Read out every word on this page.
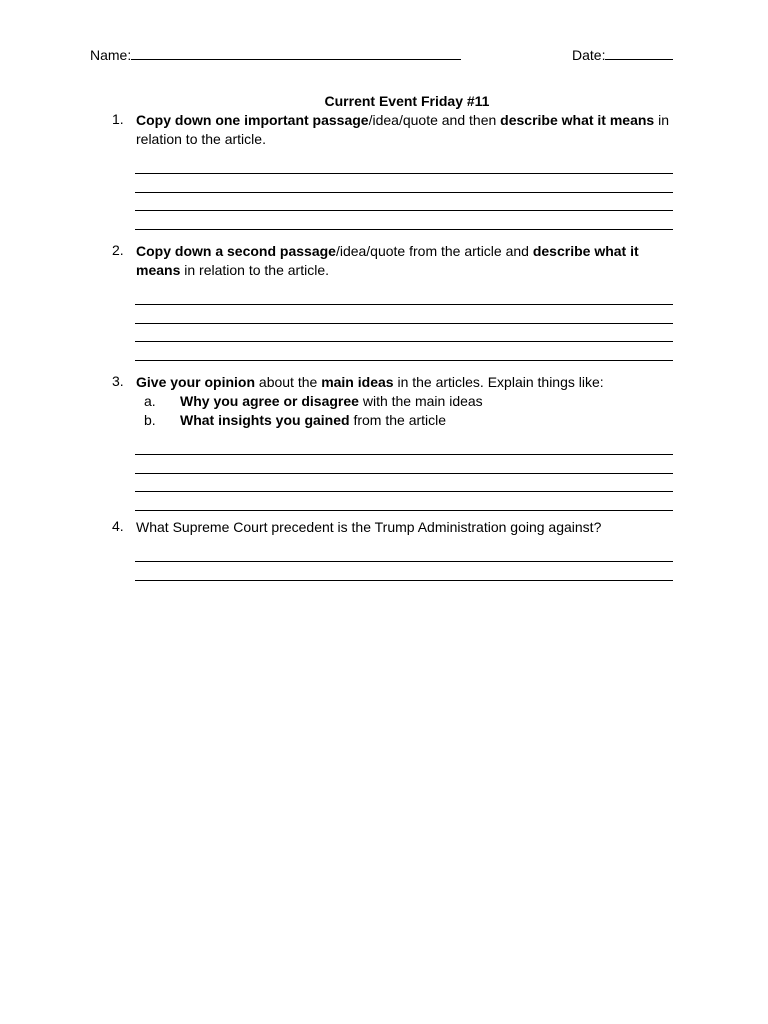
Name:	Date:
Current Event Friday #11
1. Copy down one important passage/idea/quote and then describe what it means in relation to the article.
2. Copy down a second passage/idea/quote from the article and describe what it means in relation to the article.
3. Give your opinion about the main ideas in the articles. Explain things like:
a. Why you agree or disagree with the main ideas
b. What insights you gained from the article
4. What Supreme Court precedent is the Trump Administration going against?
